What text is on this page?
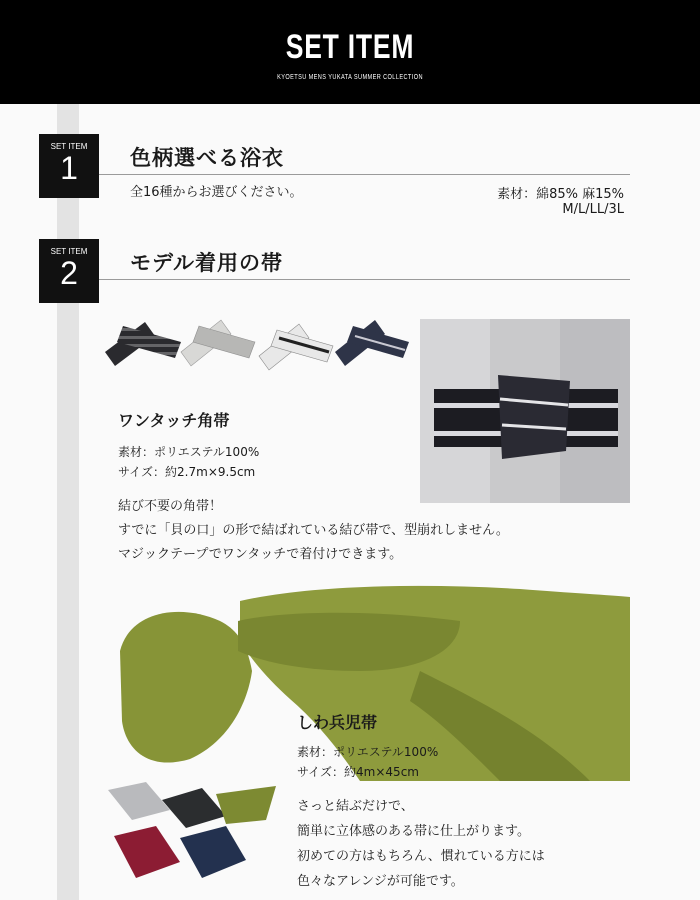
SET ITEM
KYOETSU MENS YUKATA SUMMER COLLECTION
SET ITEM
1	色柄選べる浴衣
全16種からお選びください。	素材：綿85% 麻15%
M/L/LL/3L
SET ITEM
2	モデル着用の帯
ワンタッチ角帯
素材：ポリエステル100%
サイズ：約2.7m×9.5cm
結び不要の角帯！
すでに「貝の口」の形で結ばれている結び帯で、型崩れしません。
マジックテープでワンタッチで着付けできます。
しわ兵児帯
素材：ポリエステル100%
サイズ：約4m×45cm
さっと結ぶだけで、
簡単に立体感のある帯に仕上がります。
初めての方はもちろん、慣れている方には
色々なアレンジが可能です。
